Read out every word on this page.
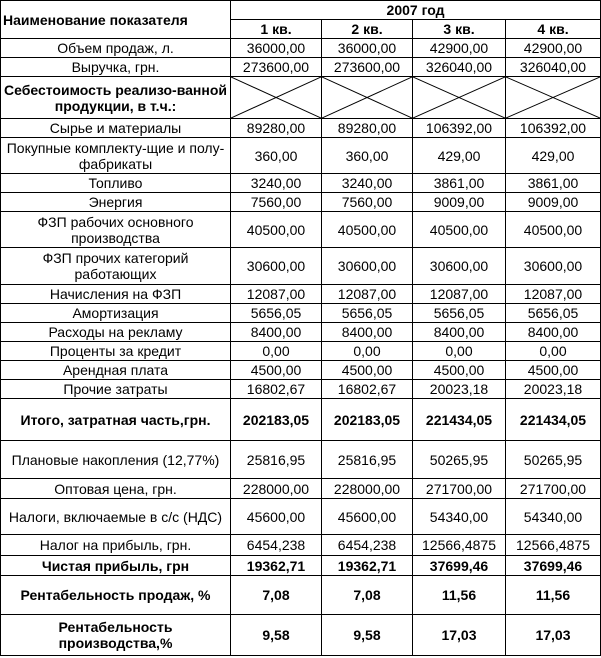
Наименование показателя	2007 год			
	1 кв.	2 кв.	3 кв.	4 кв.
Объем продаж, л.	36000,00	36000,00	42900,00	42900,00
Выручка, грн.	273600,00	273600,00	326040,00	326040,00
Себестоимость реализо-ванной продукции, в т.ч.:	

Сырье и материалы	89280,00	89280,00	106392,00	106392,00
Покупные комплекту-щие и полу-фабрикаты	360,00	360,00	429,00	429,00
Топливо	3240,00	3240,00	3861,00	3861,00
Энергия	7560,00	7560,00	9009,00	9009,00
ФЗП рабочих основного производства	40500,00	40500,00	40500,00	40500,00
ФЗП прочих категорий работающих	30600,00	30600,00	30600,00	30600,00
Начисления на ФЗП	12087,00	12087,00	12087,00	12087,00
Амортизация	5656,05	5656,05	5656,05	5656,05
Расходы на рекламу	8400,00	8400,00	8400,00	8400,00
Проценты за кредит	0,00	0,00	0,00	0,00
Арендная плата	4500,00	4500,00	4500,00	4500,00
Прочие затраты	16802,67	16802,67	20023,18	20023,18
Итого, затратная часть,грн.	202183,05	202183,05	221434,05	221434,05
Плановые накопления (12,77%)	25816,95	25816,95	50265,95	50265,95
Оптовая цена, грн.	228000,00	228000,00	271700,00	271700,00
Налоги, включаемые в с/с (НДС)	45600,00	45600,00	54340,00	54340,00
Налог на прибыль, грн.	6454,238	6454,238	12566,4875	12566,4875
Чистая прибыль, грн	19362,71	19362,71	37699,46	37699,46
Рентабельность продаж, %	7,08	7,08	11,56	11,56
Рентабельность производства,%	9,58	9,58	17,03	17,03
